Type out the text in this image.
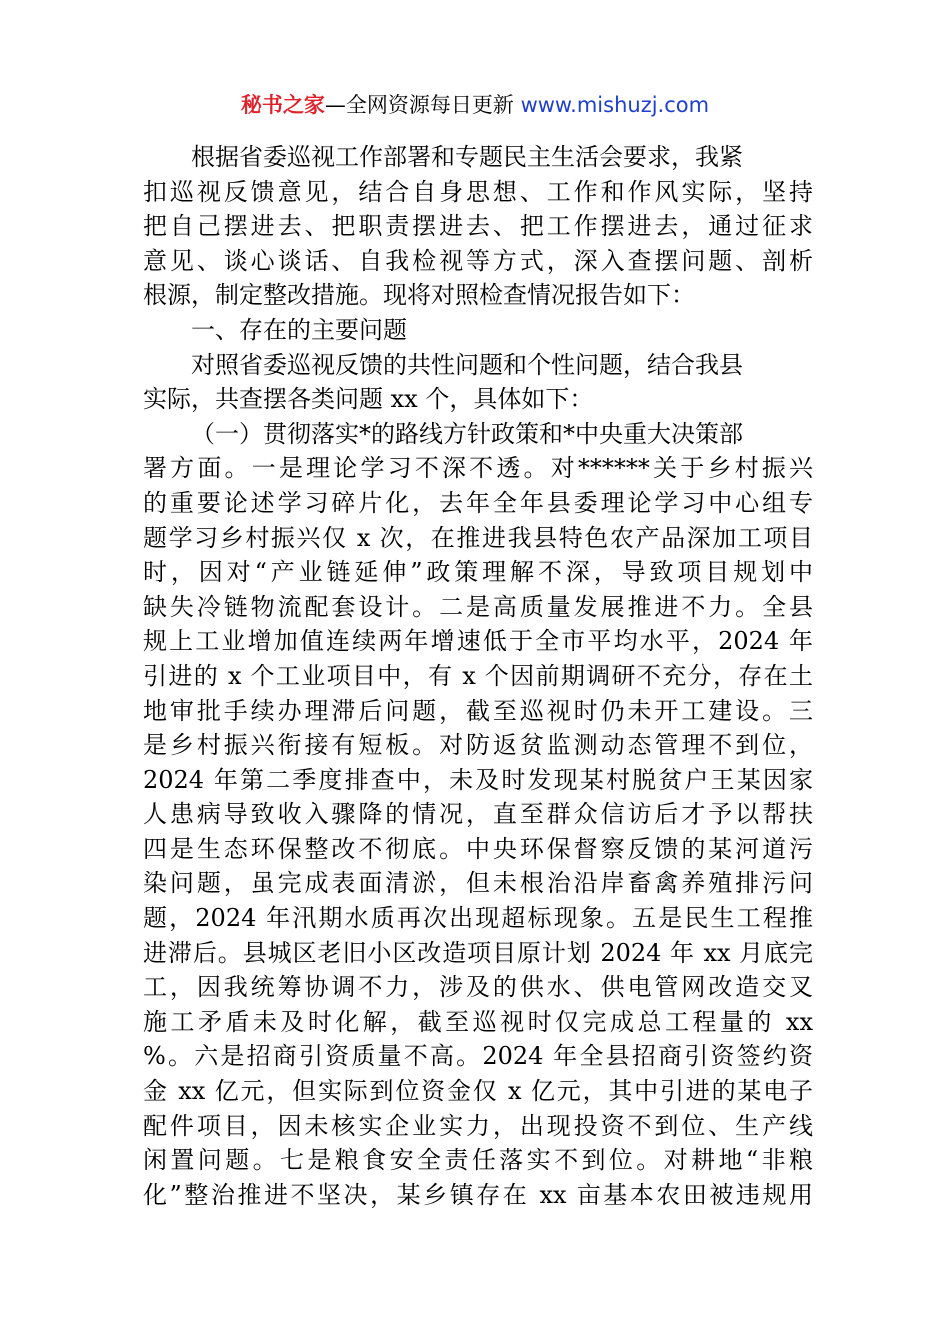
秘书之家—全网资源每日更新 www.mishuzj.com
根据省委巡视工作部署和专题民主生活会要求，我紧
扣巡视反馈意见，结合自身思想、工作和作风实际，坚持
把自己摆进去、把职责摆进去、把工作摆进去，通过征求
意见、谈心谈话、自我检视等方式，深入查摆问题、剖析
根源，制定整改措施。现将对照检查情况报告如下：
一、存在的主要问题
对照省委巡视反馈的共性问题和个性问题，结合我县
实际，共查摆各类问题 xx 个，具体如下：
（一）贯彻落实*的路线方针政策和*中央重大决策部
署方面。一是理论学习不深不透。对******关于乡村振兴
的重要论述学习碎片化，去年全年县委理论学习中心组专
题学习乡村振兴仅 x 次，在推进我县特色农产品深加工项目
时，因对“产业链延伸”政策理解不深，导致项目规划中
缺失冷链物流配套设计。二是高质量发展推进不力。全县
规上工业增加值连续两年增速低于全市平均水平，2024 年
引进的 x 个工业项目中，有 x 个因前期调研不充分，存在土
地审批手续办理滞后问题，截至巡视时仍未开工建设。三
是乡村振兴衔接有短板。对防返贫监测动态管理不到位，
2024 年第二季度排查中，未及时发现某村脱贫户王某因家
人患病导致收入骤降的情况，直至群众信访后才予以帮扶
四是生态环保整改不彻底。中央环保督察反馈的某河道污
染问题，虽完成表面清淤，但未根治沿岸畜禽养殖排污问
题，2024 年汛期水质再次出现超标现象。五是民生工程推
进滞后。县城区老旧小区改造项目原计划 2024 年 xx 月底完
工，因我统筹协调不力，涉及的供水、供电管网改造交叉
施工矛盾未及时化解，截至巡视时仅完成总工程量的 xx
%。六是招商引资质量不高。2024 年全县招商引资签约资
金 xx 亿元，但实际到位资金仅 x 亿元，其中引进的某电子
配件项目，因未核实企业实力，出现投资不到位、生产线
闲置问题。七是粮食安全责任落实不到位。对耕地“非粮
化”整治推进不坚决，某乡镇存在 xx 亩基本农田被违规用
